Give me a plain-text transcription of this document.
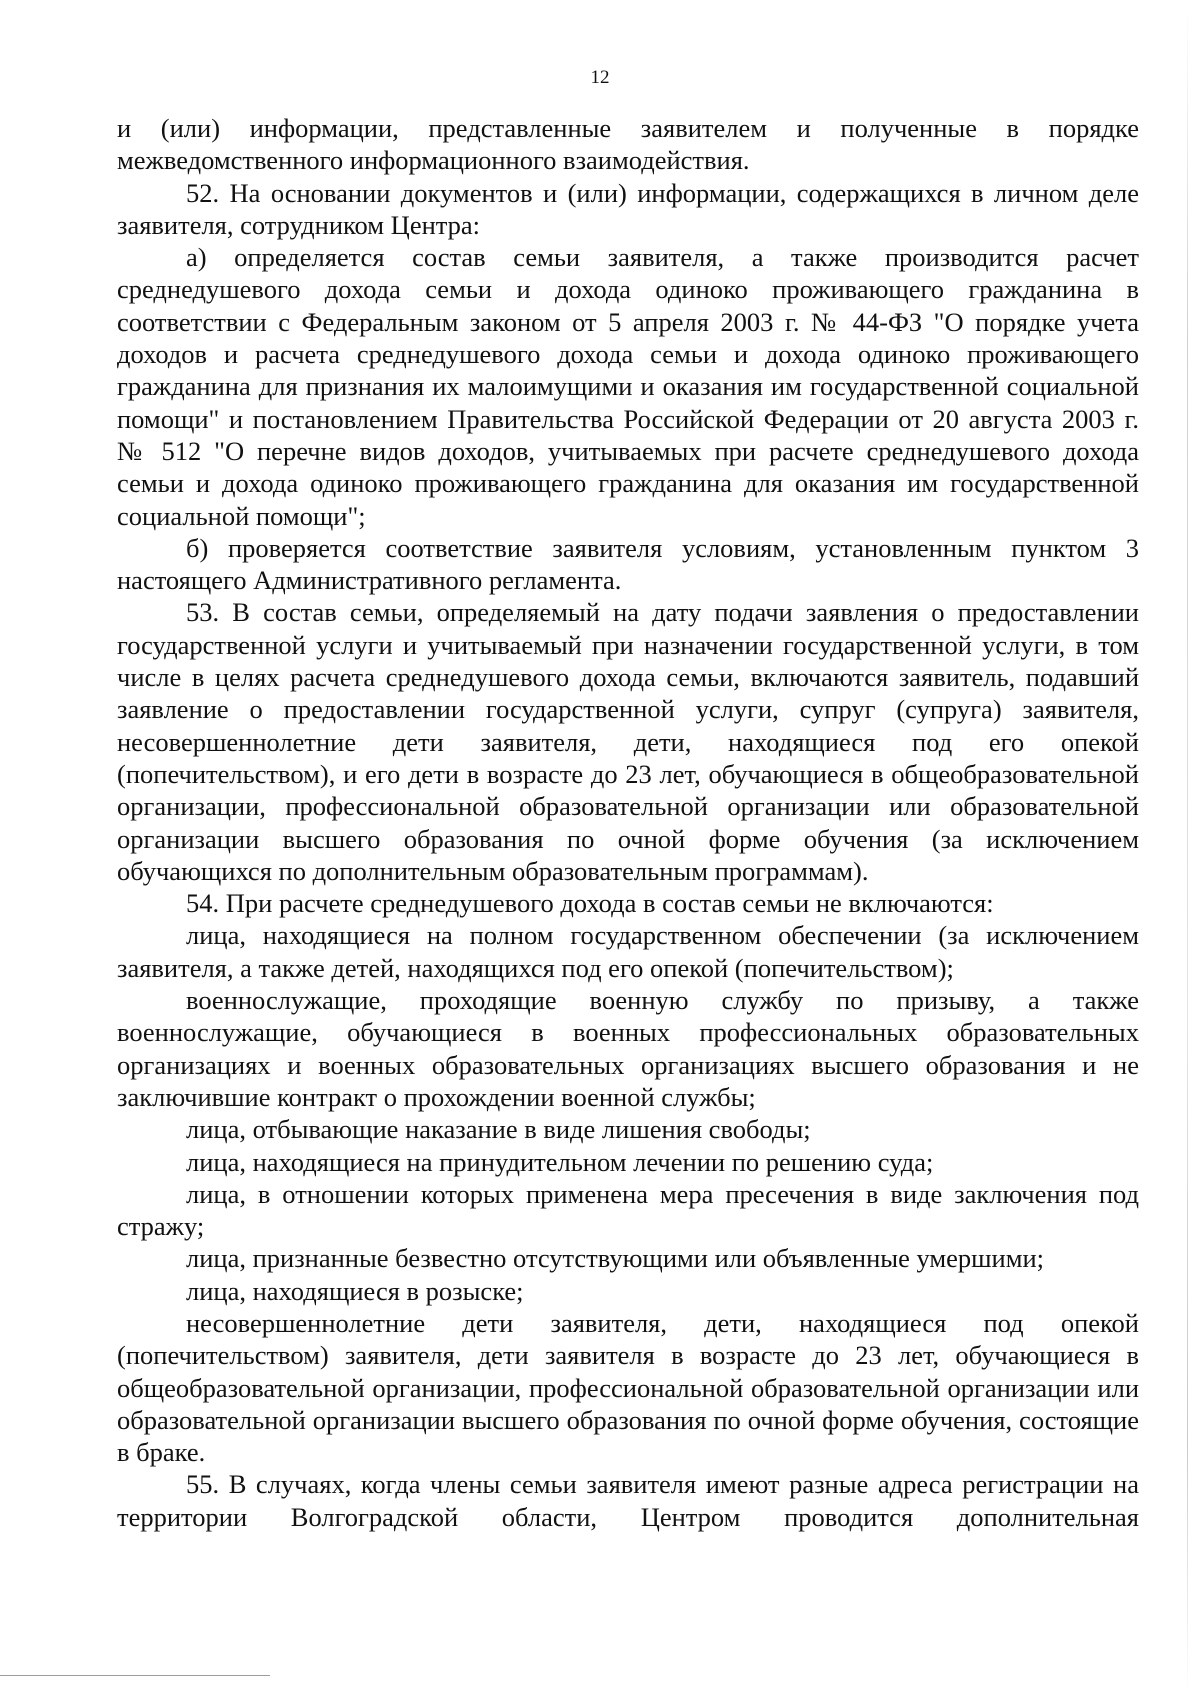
12

и (или) информации, представленные заявителем и полученные в порядке межведомственного информационного взаимодействия.

52. На основании документов и (или) информации, содержащихся в личном деле заявителя, сотрудником Центра:

а) определяется состав семьи заявителя, а также производится расчет среднедушевого дохода семьи и дохода одиноко проживающего гражданина в соответствии с Федеральным законом от 5 апреля 2003 г. № 44-ФЗ "О порядке учета доходов и расчета среднедушевого дохода семьи и дохода одиноко проживающего гражданина для признания их малоимущими и оказания им государственной социальной помощи" и постановлением Правительства Российской Федерации от 20 августа 2003 г. № 512 "О перечне видов доходов, учитываемых при расчете среднедушевого дохода семьи и дохода одиноко проживающего гражданина для оказания им государственной социальной помощи";

б) проверяется соответствие заявителя условиям, установленным пунктом 3 настоящего Административного регламента.

53. В состав семьи, определяемый на дату подачи заявления о предоставлении государственной услуги и учитываемый при назначении государственной услуги, в том числе в целях расчета среднедушевого дохода семьи, включаются заявитель, подавший заявление о предоставлении государственной услуги, супруг (супруга) заявителя, несовершеннолетние дети заявителя, дети, находящиеся под его опекой (попечительством), и его дети в возрасте до 23 лет, обучающиеся в общеобразовательной организации, профессиональной образовательной организации или образовательной организации высшего образования по очной форме обучения (за исключением обучающихся по дополнительным образовательным программам).

54. При расчете среднедушевого дохода в состав семьи не включаются:

лица, находящиеся на полном государственном обеспечении (за исключением заявителя, а также детей, находящихся под его опекой (попечительством);

военнослужащие, проходящие военную службу по призыву, а также военнослужащие, обучающиеся в военных профессиональных образовательных организациях и военных образовательных организациях высшего образования и не заключившие контракт о прохождении военной службы;

лица, отбывающие наказание в виде лишения свободы;

лица, находящиеся на принудительном лечении по решению суда;

лица, в отношении которых применена мера пресечения в виде заключения под стражу;

лица, признанные безвестно отсутствующими или объявленные умершими;

лица, находящиеся в розыске;

несовершеннолетние дети заявителя, дети, находящиеся под опекой (попечительством) заявителя, дети заявителя в возрасте до 23 лет, обучающиеся в общеобразовательной организации, профессиональной образовательной организации или образовательной организации высшего образования по очной форме обучения, состоящие в браке.

55. В случаях, когда члены семьи заявителя имеют разные адреса регистрации на территории Волгоградской области, Центром проводится дополнительная
